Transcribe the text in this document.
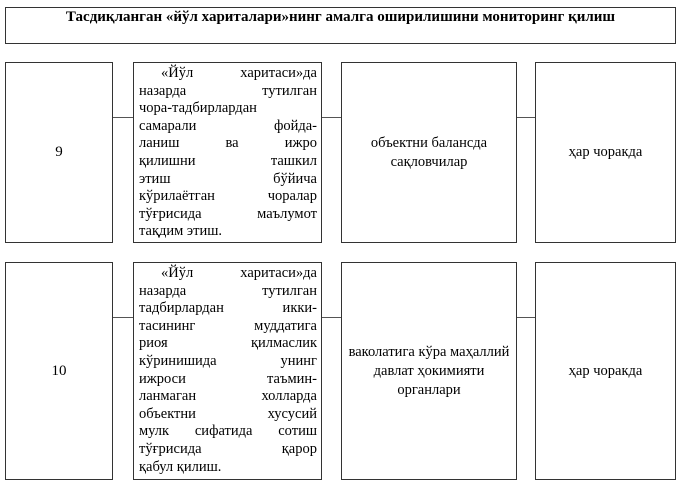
Тасдиқланган «йўл хариталари»нинг амалга оширилишини мониторинг қилиш
9
«Йўл харитаси»да
назарда тутилган
чора-тадбирлардан
самарали фойда-
ланиш ва ижро
қилишни ташкил
этиш бўйича
кўрилаётган чоралар
тўғрисида маълумот
тақдим этиш.
объектни балансда сақловчилар
ҳар чоракда
10
«Йўл харитаси»да
назарда тутилган
тадбирлардан икки-
тасининг муддатига
риоя қилмаслик
кўринишида унинг
ижроси таъмин-
ланмаган холларда
объектни хусусий
мулк сифатида сотиш
тўғрисида қарор
қабул қилиш.
ваколатига кўра маҳаллий давлат ҳокимияти органлари
ҳар чоракда
